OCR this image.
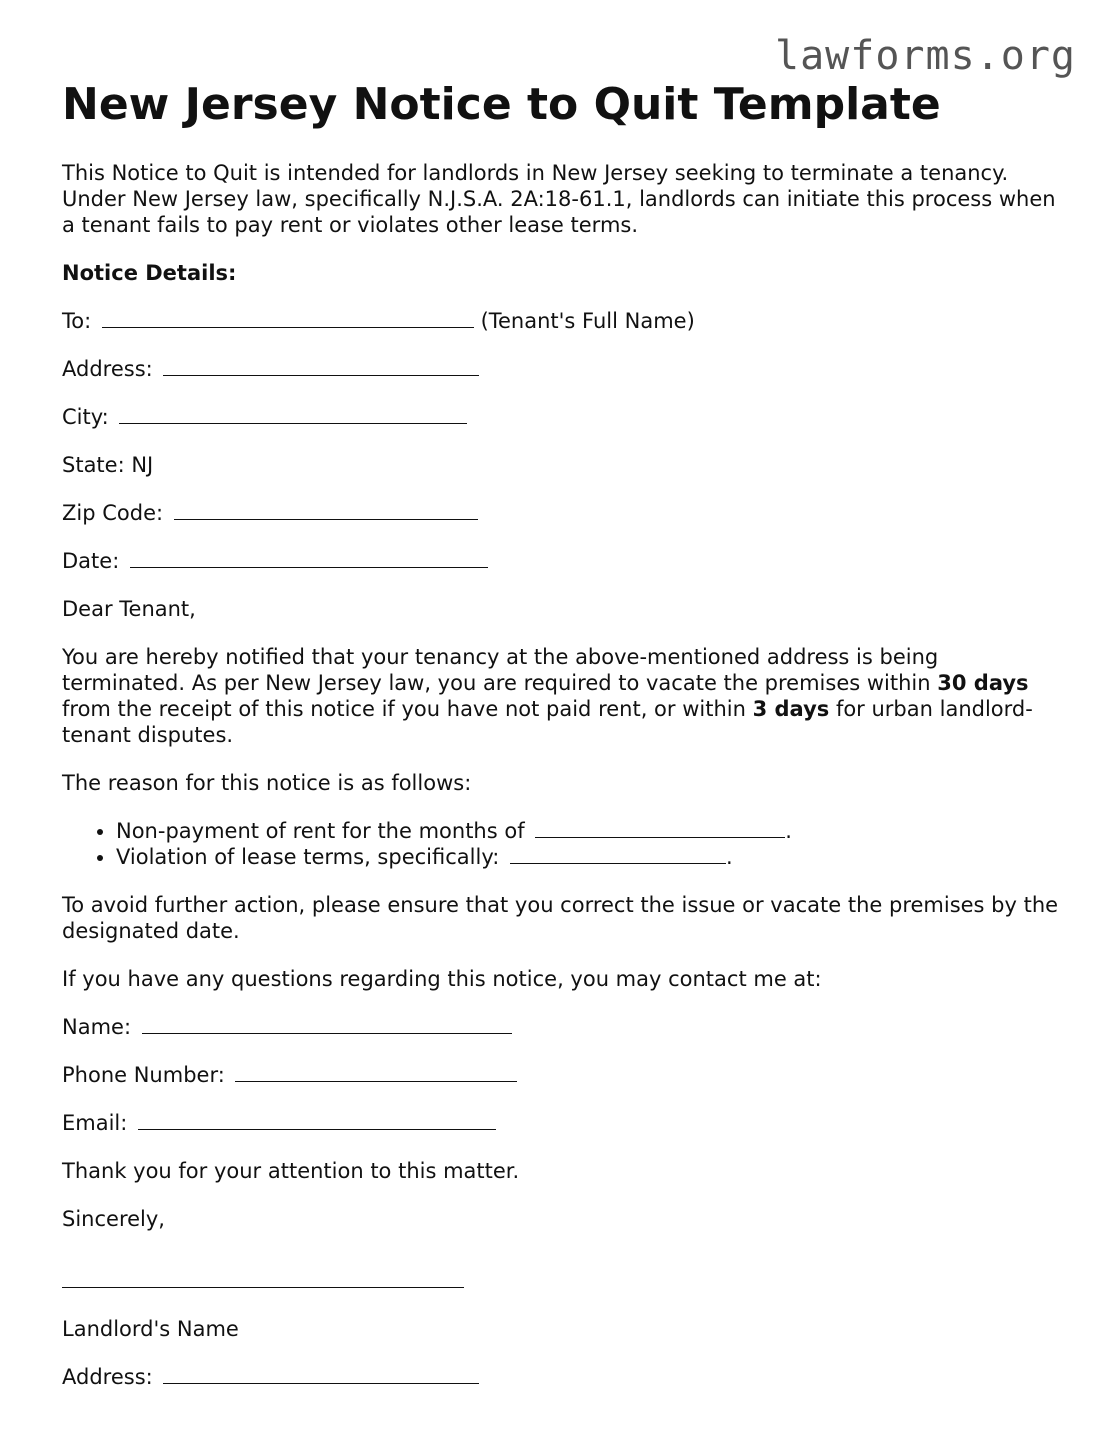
lawforms.org
New Jersey Notice to Quit Template

This Notice to Quit is intended for landlords in New Jersey seeking to terminate a tenancy. Under New Jersey law, specifically N.J.S.A. 2A:18-61.1, landlords can initiate this process when a tenant fails to pay rent or violates other lease terms.

Notice Details:

To:	(Tenant's Full Name)

Address:

City:

State: NJ

Zip Code:

Date:

Dear Tenant,

You are hereby notified that your tenancy at the above-mentioned address is being terminated. As per New Jersey law, you are required to vacate the premises within 30 days from the receipt of this notice if you have not paid rent, or within 3 days for urban landlord-tenant disputes.

The reason for this notice is as follows:

• Non-payment of rent for the months of	.
• Violation of lease terms, specifically:	.

To avoid further action, please ensure that you correct the issue or vacate the premises by the designated date.

If you have any questions regarding this notice, you may contact me at:

Name:

Phone Number:

Email:

Thank you for your attention to this matter.

Sincerely,

Landlord's Name

Address:
